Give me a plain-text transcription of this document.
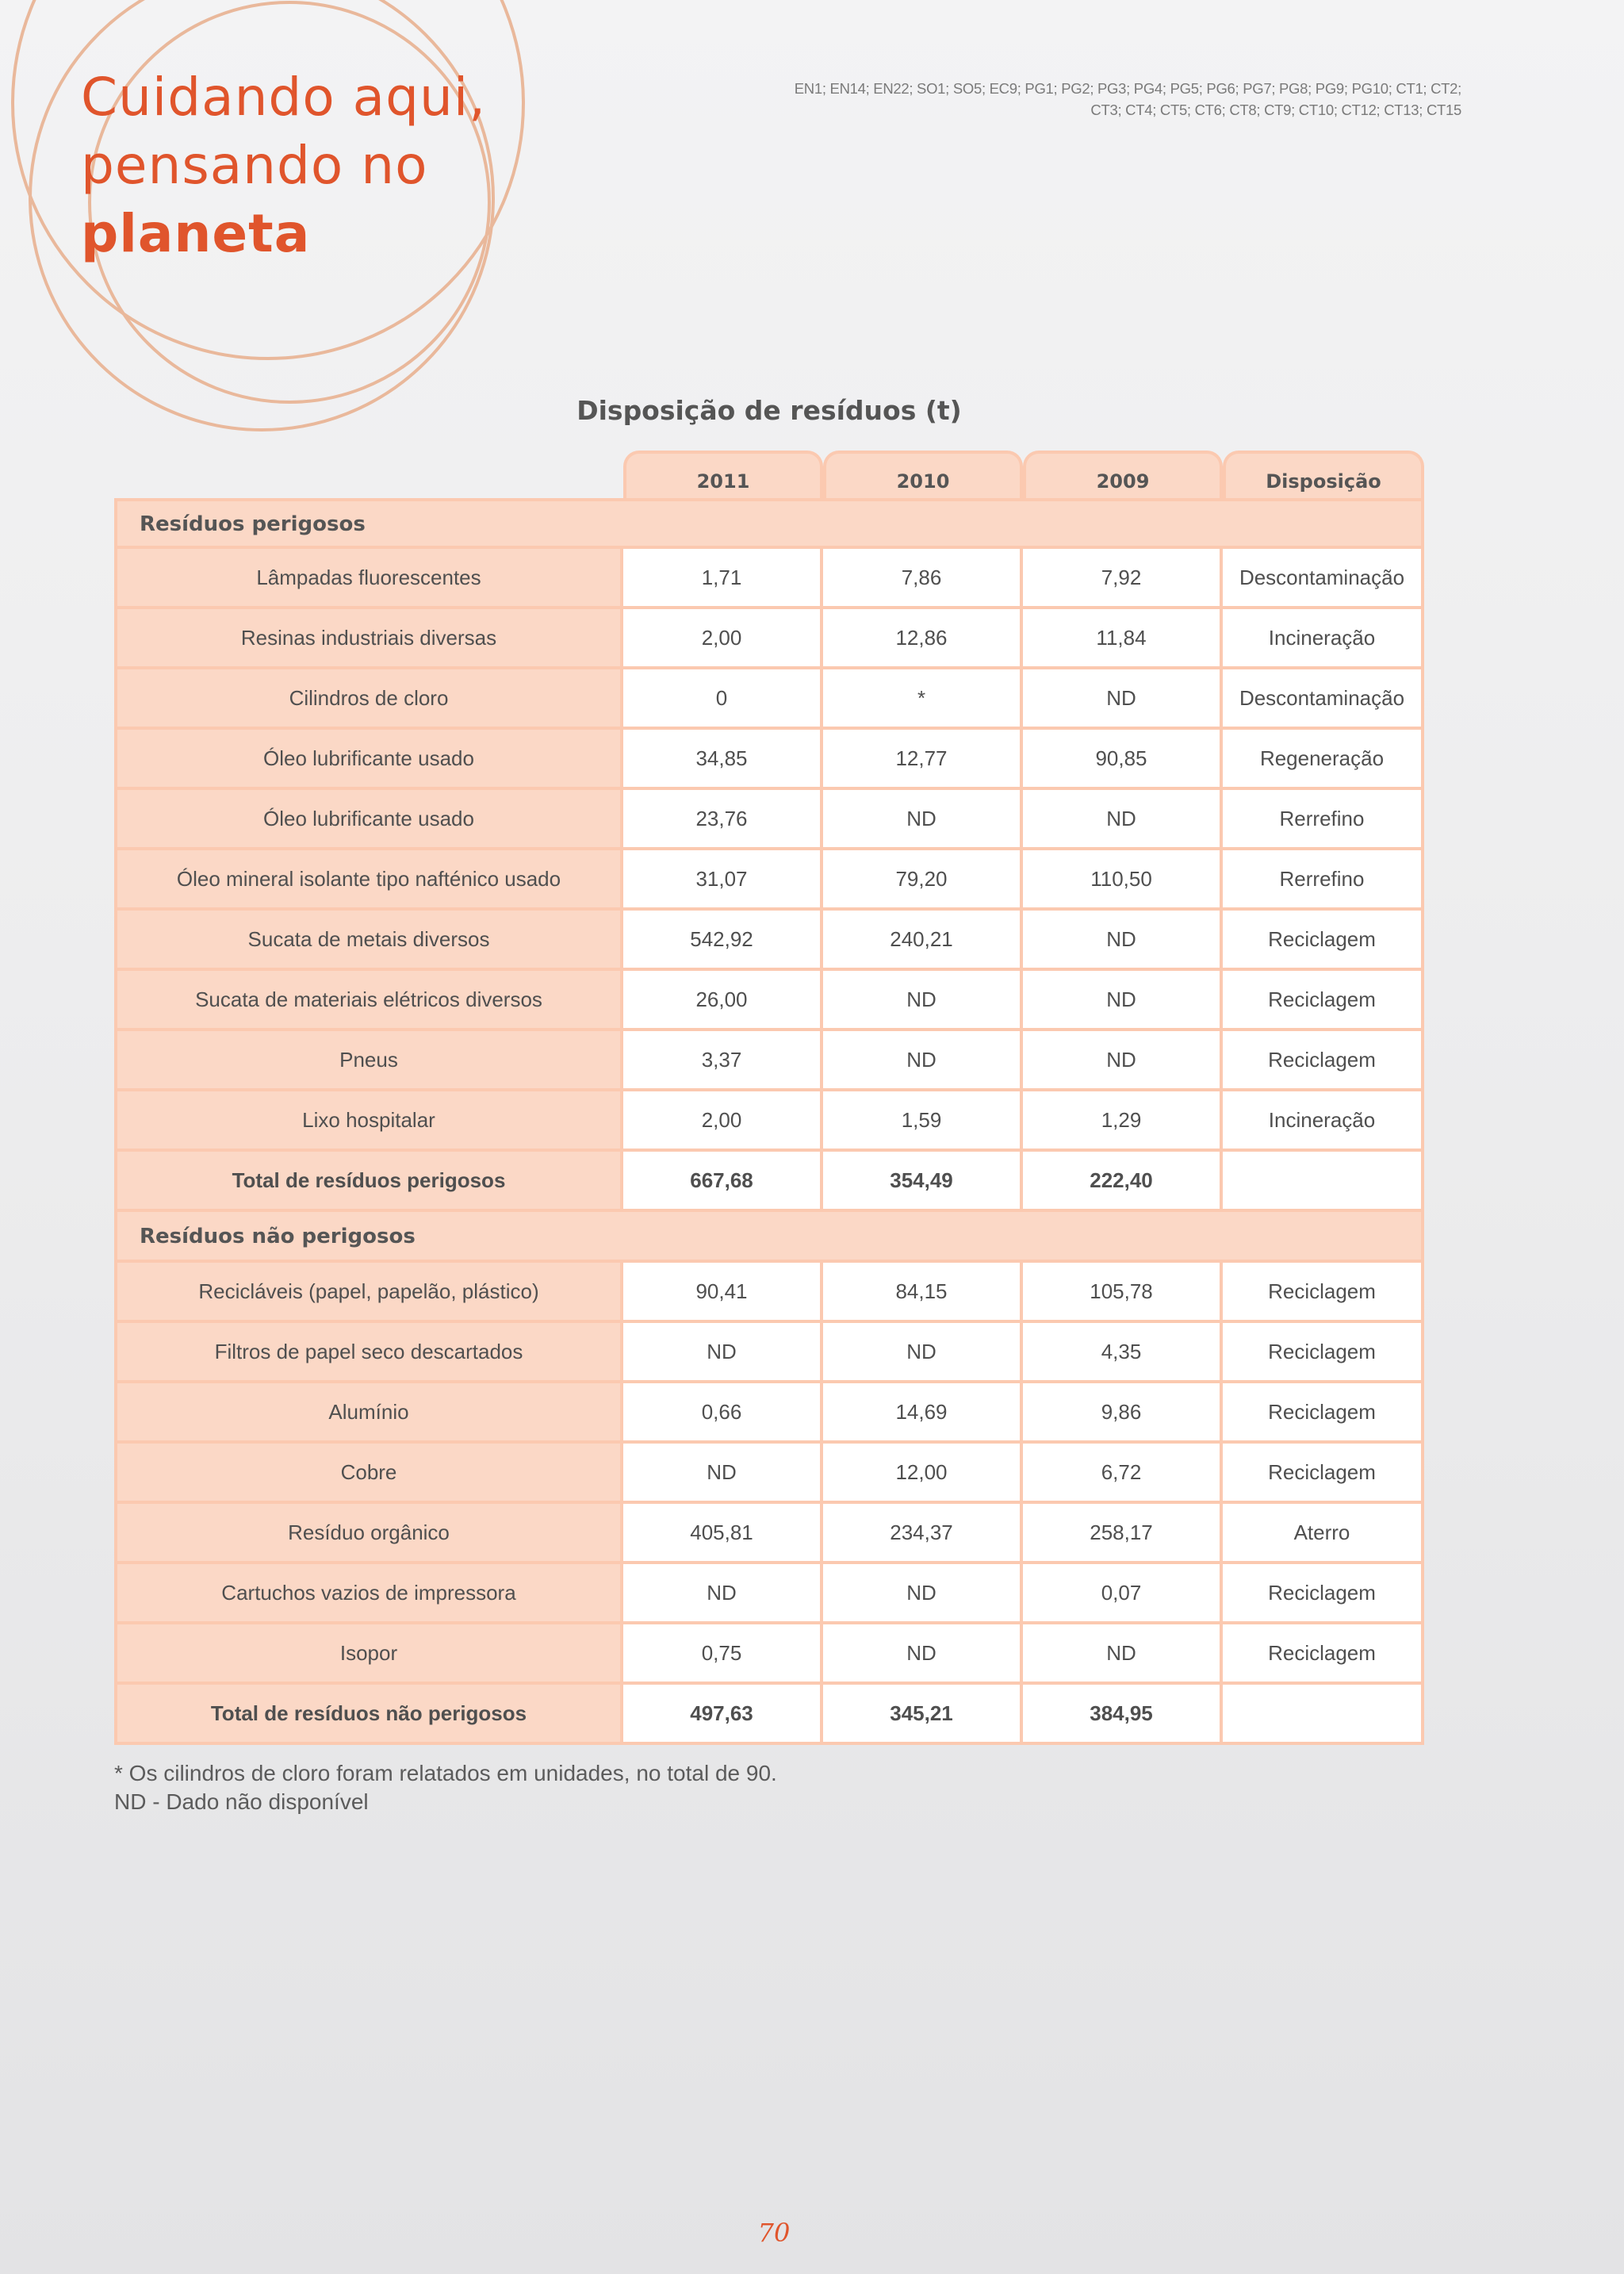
Cuidando aqui,
pensando no
planeta
EN1; EN14; EN22; SO1; SO5; EC9; PG1; PG2; PG3; PG4; PG5; PG6; PG7; PG8; PG9; PG10; CT1; CT2;
CT3; CT4; CT5; CT6; CT8; CT9; CT10; CT12; CT13; CT15
Disposição de resíduos (t)
2011	2010	2009	Disposição
Resíduos perigosos
Lâmpadas fluorescentes	1,71	7,86	7,92	Descontaminação
Resinas industriais diversas	2,00	12,86	11,84	Incineração
Cilindros de cloro	0	*	ND	Descontaminação
Óleo lubrificante usado	34,85	12,77	90,85	Regeneração
Óleo lubrificante usado	23,76	ND	ND	Rerrefino
Óleo mineral isolante tipo nafténico usado	31,07	79,20	110,50	Rerrefino
Sucata de metais diversos	542,92	240,21	ND	Reciclagem
Sucata de materiais elétricos diversos	26,00	ND	ND	Reciclagem
Pneus	3,37	ND	ND	Reciclagem
Lixo hospitalar	2,00	1,59	1,29	Incineração
Total de resíduos perigosos	667,68	354,49	222,40
Resíduos não perigosos
Recicláveis (papel, papelão, plástico)	90,41	84,15	105,78	Reciclagem
Filtros de papel seco descartados	ND	ND	4,35	Reciclagem
Alumínio	0,66	14,69	9,86	Reciclagem
Cobre	ND	12,00	6,72	Reciclagem
Resíduo orgânico	405,81	234,37	258,17	Aterro
Cartuchos vazios de impressora	ND	ND	0,07	Reciclagem
Isopor	0,75	ND	ND	Reciclagem
Total de resíduos não perigosos	497,63	345,21	384,95
* Os cilindros de cloro foram relatados em unidades, no total de 90.
ND - Dado não disponível
70
